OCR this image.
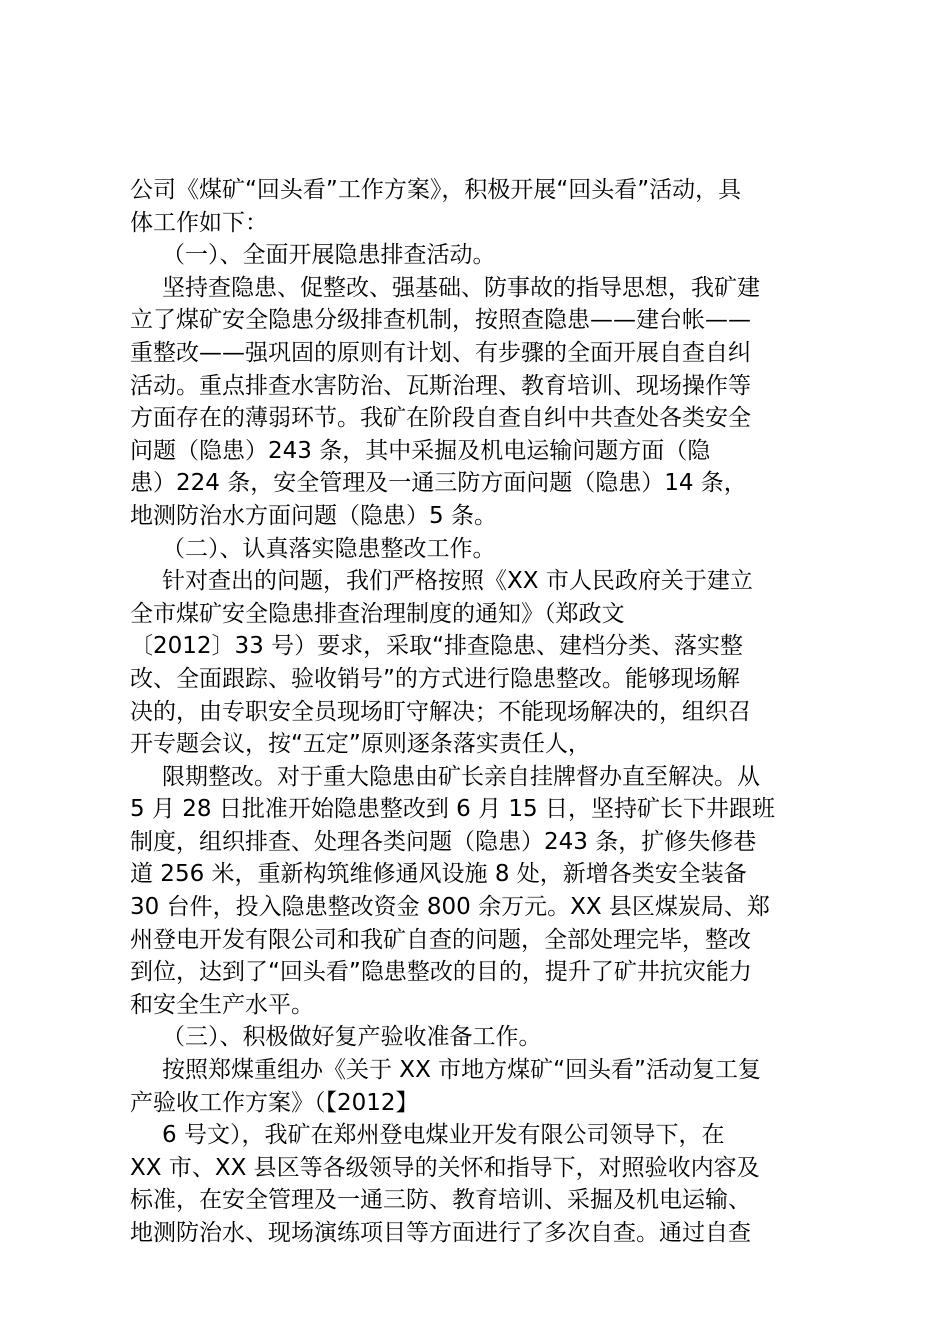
公司《煤矿“回头看”工作方案》，积极开展“回头看”活动，具
体工作如下：
（一）、全面开展隐患排查活动。
坚持查隐患、促整改、强基础、防事故的指导思想，我矿建
立了煤矿安全隐患分级排查机制，按照查隐患——建台帐——
重整改——强巩固的原则有计划、有步骤的全面开展自查自纠
活动。重点排查水害防治、瓦斯治理、教育培训、现场操作等
方面存在的薄弱环节。我矿在阶段自查自纠中共查处各类安全
问题（隐患）243 条，其中采掘及机电运输问题方面（隐
患）224 条，安全管理及一通三防方面问题（隐患）14 条，
地测防治水方面问题（隐患）5 条。
（二）、认真落实隐患整改工作。
针对查出的问题，我们严格按照《XX 市人民政府关于建立
全市煤矿安全隐患排查治理制度的通知》（郑政文
〔2012〕33 号）要求，采取“排查隐患、建档分类、落实整
改、全面跟踪、验收销号”的方式进行隐患整改。能够现场解
决的，由专职安全员现场盯守解决；不能现场解决的，组织召
开专题会议，按“五定”原则逐条落实责任人，
限期整改。对于重大隐患由矿长亲自挂牌督办直至解决。从
5 月 28 日批准开始隐患整改到 6 月 15 日，坚持矿长下井跟班
制度，组织排查、处理各类问题（隐患）243 条，扩修失修巷
道 256 米，重新构筑维修通风设施 8 处，新增各类安全装备
30 台件，投入隐患整改资金 800 余万元。XX 县区煤炭局、郑
州登电开发有限公司和我矿自查的问题，全部处理完毕，整改
到位，达到了“回头看”隐患整改的目的，提升了矿井抗灾能力
和安全生产水平。
（三）、积极做好复产验收准备工作。
按照郑煤重组办《关于 XX 市地方煤矿“回头看”活动复工复
产验收工作方案》（【2012】
6 号文），我矿在郑州登电煤业开发有限公司领导下，在
XX 市、XX 县区等各级领导的关怀和指导下，对照验收内容及
标准，在安全管理及一通三防、教育培训、采掘及机电运输、
地测防治水、现场演练项目等方面进行了多次自查。通过自查
